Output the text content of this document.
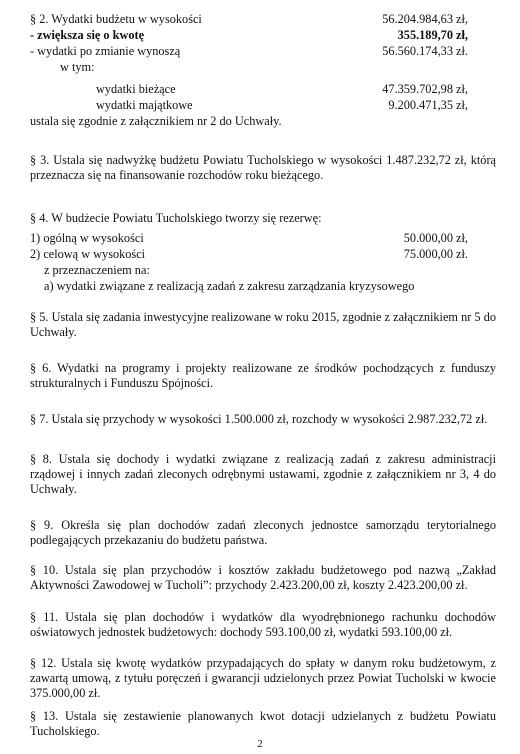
§ 2. Wydatki budżetu w wysokości	56.204.984,63 zł,
- zwiększa się o kwotę	355.189,70 zł,
- wydatki po zmianie wynoszą	56.560.174,33 zł.
w tym:
wydatki bieżące	47.359.702,98 zł,
wydatki majątkowe	9.200.471,35 zł,
ustala się zgodnie z załącznikiem nr 2 do Uchwały.
§ 3. Ustala się nadwyżkę budżetu Powiatu Tucholskiego w wysokości 1.487.232,72 zł, którą przeznacza się na finansowanie rozchodów roku bieżącego.
§ 4. W budżecie Powiatu Tucholskiego tworzy się rezerwę:
1) ogólną w wysokości	50.000,00 zł,
2) celową w wysokości	75.000,00 zł.
z przeznaczeniem na:
a) wydatki związane z realizacją zadań z zakresu zarządzania kryzysowego
§ 5. Ustala się zadania inwestycyjne realizowane w roku 2015, zgodnie z załącznikiem nr 5 do Uchwały.
§ 6. Wydatki na programy i projekty realizowane ze środków pochodzących z funduszy strukturalnych i Funduszu Spójności.
§ 7. Ustala się przychody w wysokości 1.500.000 zł, rozchody w wysokości 2.987.232,72 zł.
§ 8. Ustala się dochody i wydatki związane z realizacją zadań z zakresu administracji rządowej i innych zadań zleconych odrębnymi ustawami, zgodnie z załącznikiem nr 3, 4 do Uchwały.
§ 9. Określa się plan dochodów zadań zleconych jednostce samorządu terytorialnego podlegających przekazaniu do budżetu państwa.
§ 10. Ustala się plan przychodów i kosztów zakładu budżetowego pod nazwą „Zakład Aktywności Zawodowej w Tucholi”: przychody 2.423.200,00 zł, koszty 2.423.200,00 zł.
§ 11. Ustala się plan dochodów i wydatków dla wyodrębnionego rachunku dochodów oświatowych jednostek budżetowych: dochody 593.100,00 zł, wydatki 593.100,00 zł.
§ 12. Ustala się kwotę wydatków przypadających do spłaty w danym roku budżetowym, z zawartą umową, z tytułu poręczeń i gwarancji udzielonych przez Powiat Tucholski w kwocie 375.000,00 zł.
§ 13. Ustala się zestawienie planowanych kwot dotacji udzielanych z budżetu Powiatu Tucholskiego.
2
